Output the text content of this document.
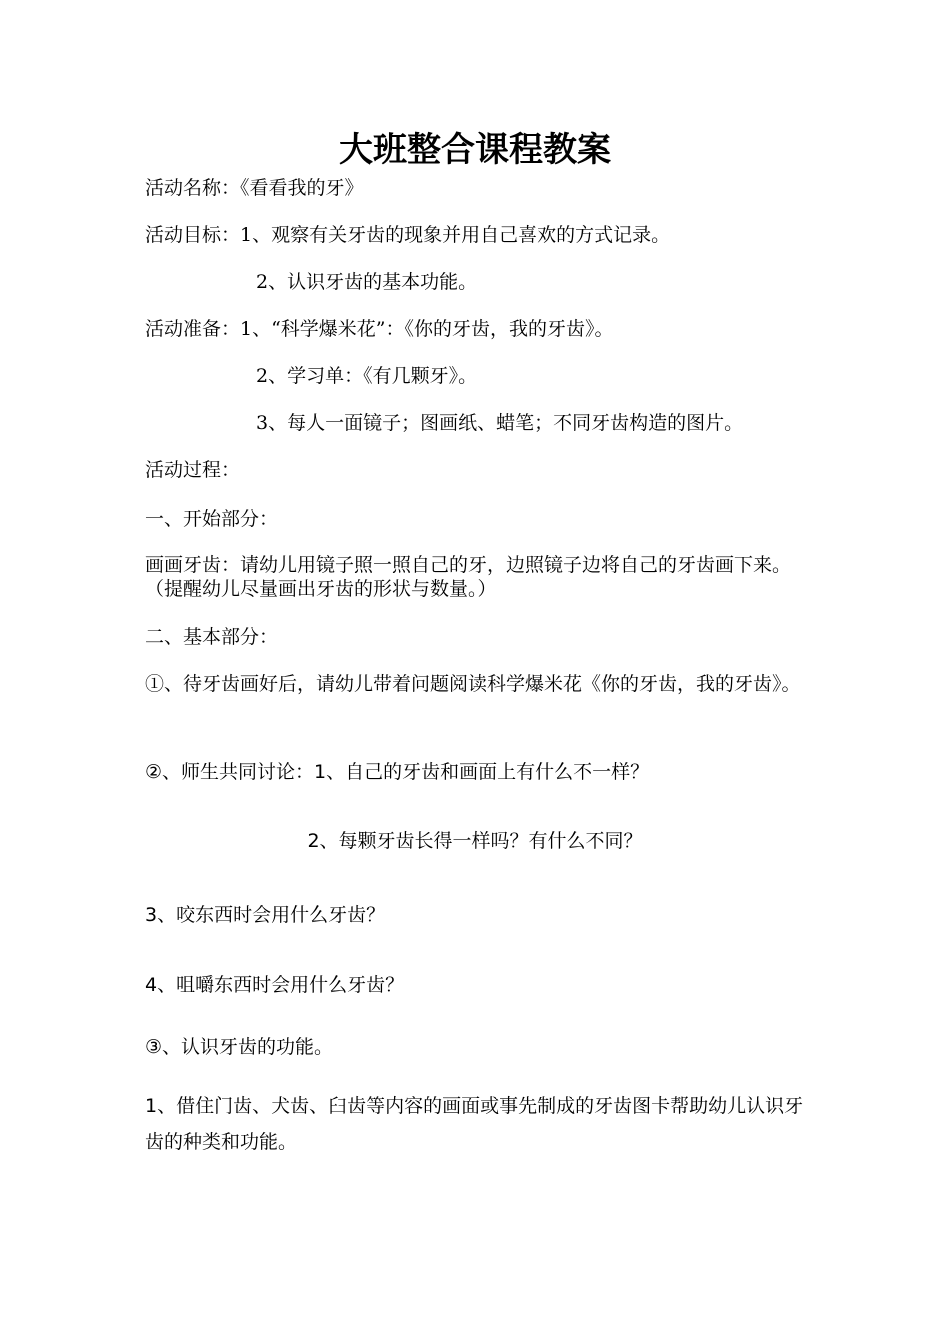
大班整合课程教案
活动名称：《看看我的牙》
活动目标：1、观察有关牙齿的现象并用自己喜欢的方式记录。
2、认识牙齿的基本功能。
活动准备：1、“科学爆米花”：《你的牙齿，我的牙齿》。
2、学习单：《有几颗牙》。
3、每人一面镜子；图画纸、蜡笔；不同牙齿构造的图片。
活动过程：
一、开始部分：
画画牙齿：请幼儿用镜子照一照自己的牙，边照镜子边将自己的牙齿画下来。（提醒幼儿尽量画出牙齿的形状与数量。）
二、基本部分：
①、待牙齿画好后，请幼儿带着问题阅读科学爆米花《你的牙齿，我的牙齿》。
②、师生共同讨论：1、自己的牙齿和画面上有什么不一样？
2、每颗牙齿长得一样吗？有什么不同？
3、咬东西时会用什么牙齿？
4、咀嚼东西时会用什么牙齿？
③、认识牙齿的功能。
1、借住门齿、犬齿、臼齿等内容的画面或事先制成的牙齿图卡帮助幼儿认识牙齿的种类和功能。
